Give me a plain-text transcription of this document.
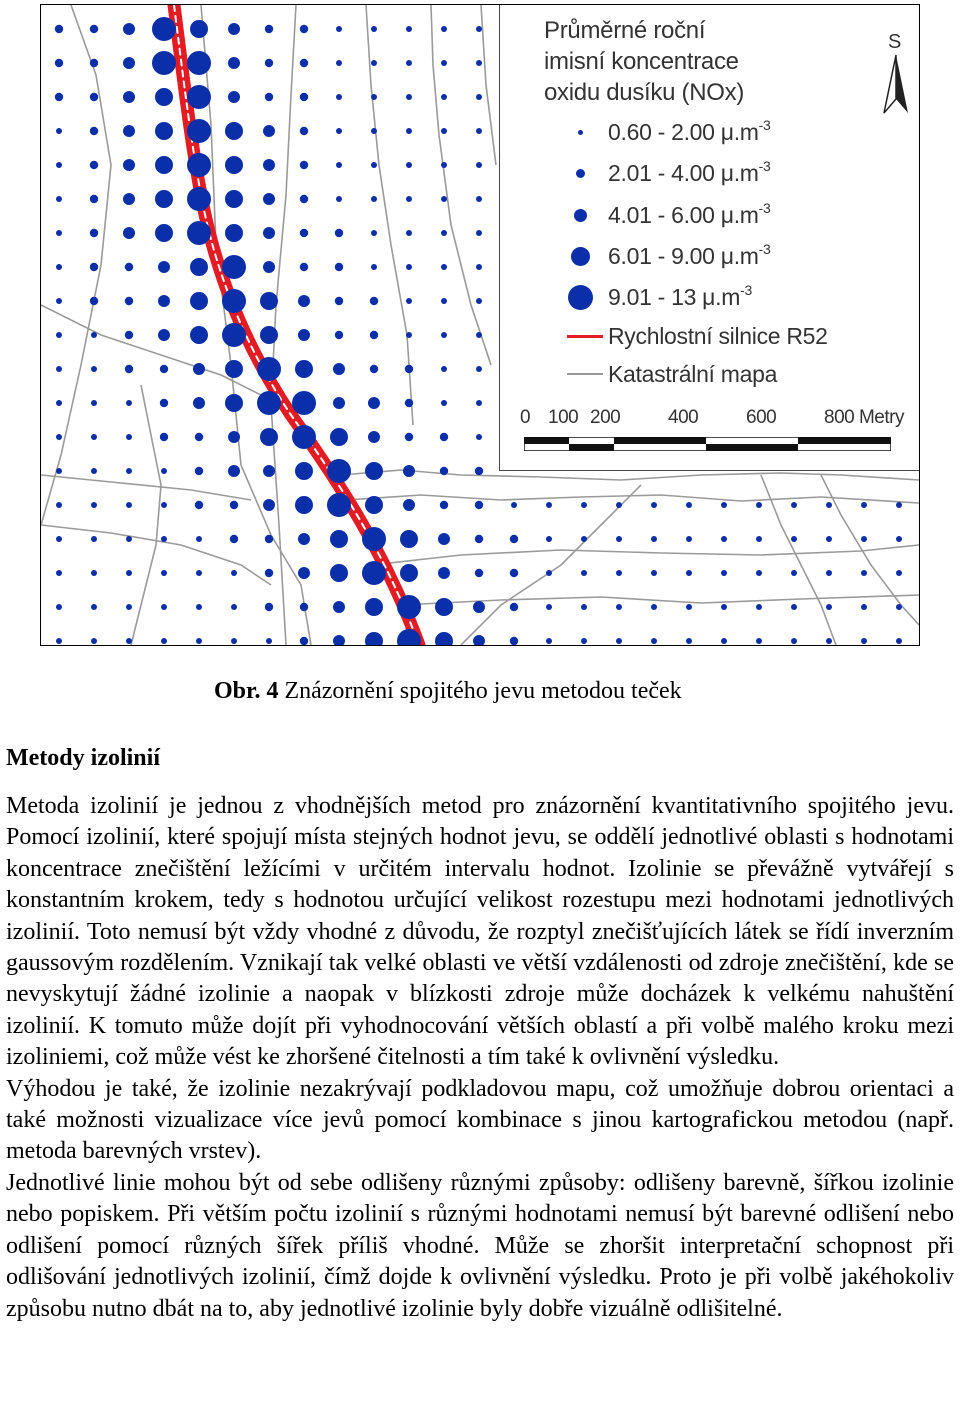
Průměrné roční
imisní koncentrace
oxidu dusíku (NOx)
S
0.60 - 2.00 $\mu.m^{-3}$
2.01 - 4.00 $\mu.m^{-3}$
4.01 - 6.00 $\mu.m^{-3}$
6.01 - 9.00 $\mu.m^{-3}$
9.01 - 13 $\mu.m^{-3}$
Rychlostní silnice R52
Katastrální mapa
0 100 200	400	600	800 Metry
Obr. 4 Znázornění spojitého jevu metodou teček
Metody izolinií

Metoda izolinií je jednou z vhodnějších metod pro znázornění kvantitativního spojitého jevu. Pomocí izolinií, které spojují místa stejných hodnot jevu, se oddělí jednotlivé oblasti s hodnotami koncentrace znečištění ležícími v určitém intervalu hodnot. Izolinie se převážně vytvářejí s konstantním krokem, tedy s hodnotou určující velikost rozestupu mezi hodnotami jednotlivých izolinií. Toto nemusí být vždy vhodné z důvodu, že rozptyl znečišťujících látek se řídí inverzním gaussovým rozdělením. Vznikají tak velké oblasti ve větší vzdálenosti od zdroje znečištění, kde se nevyskytují žádné izolinie a naopak v blízkosti zdroje může docházek k velkému nahuštění izolinií. K tomuto může dojít při vyhodnocování větších oblastí a při volbě malého kroku mezi izoliniemi, což může vést ke zhoršené čitelnosti a tím také k ovlivnění výsledku.

Výhodou je také, že izolinie nezakrývají podkladovou mapu, což umožňuje dobrou orientaci a také možnosti vizualizace více jevů pomocí kombinace s jinou kartografickou metodou (např. metoda barevných vrstev).

Jednotlivé linie mohou být od sebe odlišeny různými způsoby: odlišeny barevně, šířkou izolinie nebo popiskem. Při větším počtu izolinií s různými hodnotami nemusí být barevné odlišení nebo odlišení pomocí různých šířek příliš vhodné. Může se zhoršit interpretační schopnost při odlišování jednotlivých izolinií, čímž dojde k ovlivnění výsledku. Proto je při volbě jakéhokoliv způsobu nutno dbát na to, aby jednotlivé izolinie byly dobře vizuálně odlišitelné.
